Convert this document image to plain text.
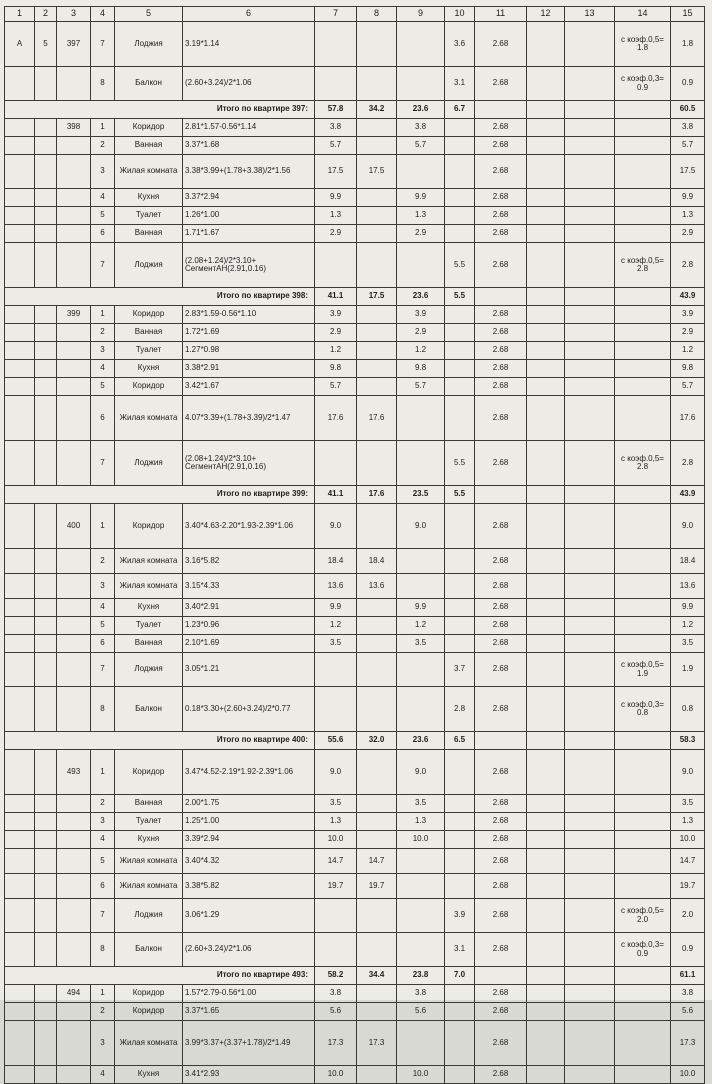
1	2	3	4	5	6	7	8	9	10	11	12	13	14	15
А	5	397	7	Лоджия	3.19*1.14				3.6	2.68			с коэф.0,5= 1.8	1.8
			8	Балкон	(2.60+3.24)/2*1.06				3.1	2.68			с коэф.0,3= 0.9	0.9
Итого по квартире 397:						57.8	34.2	23.6	6.7					60.5
		398	1	Коридор	2.81*1.57-0.56*1.14	3.8		3.8		2.68				3.8
			2	Ванная	3.37*1.68	5.7		5.7		2.68				5.7
			3	Жилая комната	3.38*3.99+(1.78+3.38)/2*1.56	17.5	17.5			2.68				17.5
			4	Кухня	3.37*2.94	9.9		9.9		2.68				9.9
			5	Туалет	1.26*1.00	1.3		1.3		2.68				1.3
			6	Ванная	1.71*1.67	2.9		2.9		2.68				2.9
			7	Лоджия	(2.08+1.24)/2*3.10+ СегментАН(2.91,0.16)				5.5	2.68			с коэф.0,5= 2.8	2.8
Итого по квартире 398:						41.1	17.5	23.6	5.5					43.9
		399	1	Коридор	2.83*1.59-0.56*1.10	3.9		3.9		2.68				3.9
			2	Ванная	1.72*1.69	2.9		2.9		2.68				2.9
			3	Туалет	1.27*0.98	1.2		1.2		2.68				1.2
			4	Кухня	3.38*2.91	9.8		9.8		2.68				9.8
			5	Коридор	3.42*1.67	5.7		5.7		2.68				5.7
			6	Жилая комната	4.07*3.39+(1.78+3.39)/2*1.47	17.6	17.6			2.68				17.6
			7	Лоджия	(2.08+1.24)/2*3.10+ СегментАН(2.91,0.16)				5.5	2.68			с коэф.0,5= 2.8	2.8
Итого по квартире 399:						41.1	17.6	23.5	5.5					43.9
		400	1	Коридор	3.40*4.63-2.20*1.93-2.39*1.06	9.0		9.0		2.68				9.0
			2	Жилая комната	3.16*5.82	18.4	18.4			2.68				18.4
			3	Жилая комната	3.15*4.33	13.6	13.6			2.68				13.6
			4	Кухня	3.40*2.91	9.9		9.9		2.68				9.9
			5	Туалет	1.23*0.96	1.2		1.2		2.68				1.2
			6	Ванная	2.10*1.69	3.5		3.5		2.68				3.5
			7	Лоджия	3.05*1.21				3.7	2.68			с коэф.0,5= 1.9	1.9
			8	Балкон	0.18*3.30+(2.60+3.24)/2*0.77				2.8	2.68			с коэф.0,3= 0.8	0.8
Итого по квартире 400:						55.6	32.0	23.6	6.5					58.3
		493	1	Коридор	3.47*4.52-2.19*1.92-2.39*1.06	9.0		9.0		2.68				9.0
			2	Ванная	2.00*1.75	3.5		3.5		2.68				3.5
			3	Туалет	1.25*1.00	1.3		1.3		2.68				1.3
			4	Кухня	3.39*2.94	10.0		10.0		2.68				10.0
			5	Жилая комната	3.40*4.32	14.7	14.7			2.68				14.7
			6	Жилая комната	3.38*5.82	19.7	19.7			2.68				19.7
			7	Лоджия	3.06*1.29				3.9	2.68			с коэф.0,5= 2.0	2.0
			8	Балкон	(2.60+3.24)/2*1.06				3.1	2.68			с коэф.0,3= 0.9	0.9
Итого по квартире 493:						58.2	34.4	23.8	7.0					61.1
		494	1	Коридор	1.57*2.79-0.56*1.00	3.8		3.8		2.68				3.8
			2	Коридор	3.37*1.65	5.6		5.6		2.68				5.6
			3	Жилая комната	3.99*3.37+(3.37+1.78)/2*1.49	17.3	17.3			2.68				17.3
			4	Кухня	3.41*2.93	10.0		10.0		2.68				10.0
